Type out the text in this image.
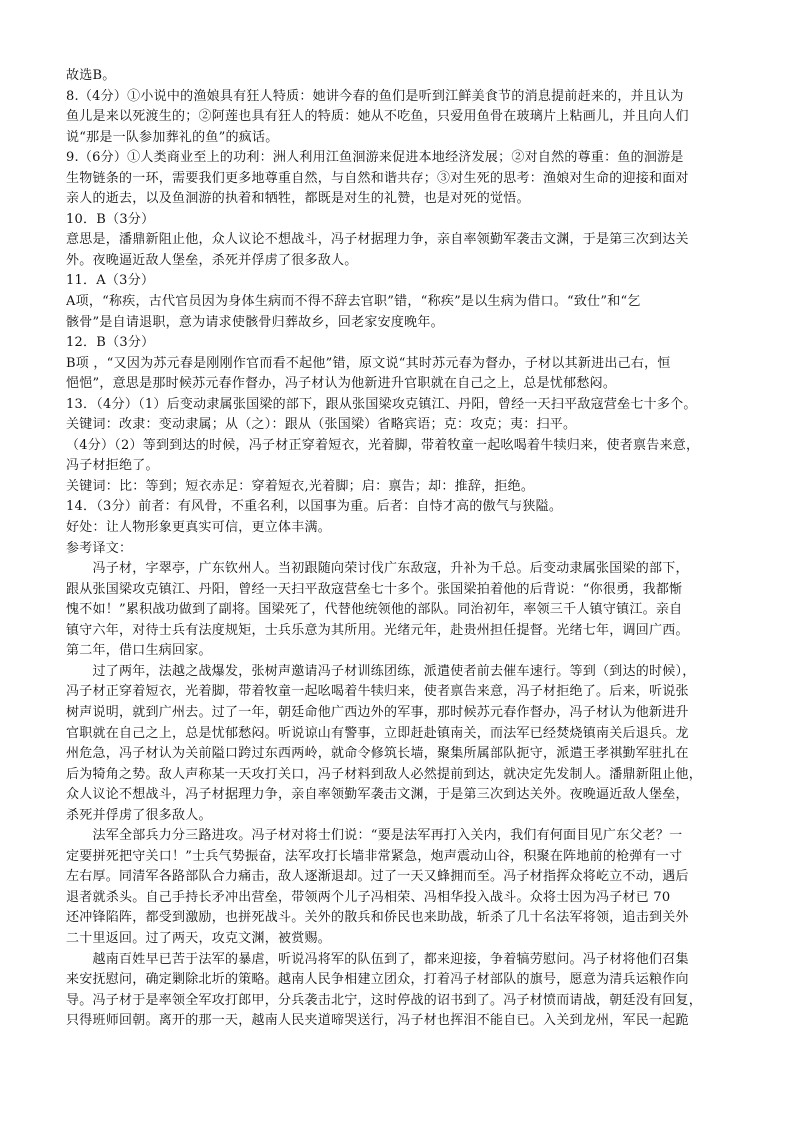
故选B。
8.（4分）①小说中的渔娘具有狂人特质：她讲今春的鱼们是听到江鲜美食节的消息提前赶来的，并且认为
鱼儿是来以死渡生的；②阿莲也具有狂人的特质：她从不吃鱼，只爱用鱼骨在玻璃片上粘画儿，并且向人们
说“那是一队参加葬礼的鱼”的疯话。
9.（6分）①人类商业至上的功利：洲人利用江鱼洄游来促进本地经济发展；②对自然的尊重：鱼的洄游是
生物链条的一环，需要我们更多地尊重自然，与自然和谐共存；③对生死的思考：渔娘对生命的迎接和面对
亲人的逝去，以及鱼洄游的执着和牺牲，都既是对生的礼赞，也是对死的觉悟。
10．B（3分）
意思是，潘鼎新阻止他，众人议论不想战斗，冯子材据理力争，亲自率领勤军袭击文渊，于是第三次到达关
外。夜晚逼近敌人堡垒，杀死并俘虏了很多敌人。
11．A（3分）
A项，“称疾，古代官员因为身体生病而不得不辞去官职”错，“称疾”是以生病为借口。“致仕”和“乞
骸骨”是自请退职，意为请求使骸骨归葬故乡，回老家安度晚年。
12．B（3分）
B项 ，“又因为苏元春是刚刚作官而看不起他”错，原文说“其时苏元春为督办，子材以其新进出己右，恒
悒悒”，意思是那时候苏元春作督办，冯子材认为他新进升官职就在自己之上，总是忧郁愁闷。
13．（4分）（1）后变动隶属张国梁的部下，跟从张国梁攻克镇江、丹阳，曾经一天扫平敌寇营垒七十多个。
关键词：改隶：变动隶属；从（之）：跟从（张国梁）省略宾语；克：攻克；夷：扫平。
（4分）（2）等到到达的时候，冯子材正穿着短衣，光着脚，带着牧童一起吆喝着牛犊归来，使者禀告来意，
冯子材拒绝了。
关键词：比：等到；短衣赤足：穿着短衣,光着脚；启：禀告；却：推辞，拒绝。
14．（3分）前者：有风骨，不重名利，以国事为重。后者：自恃才高的傲气与狭隘。
好处：让人物形象更真实可信，更立体丰满。
参考译文：
　　冯子材，字翠亭，广东钦州人。当初跟随向荣讨伐广东敌寇，升补为千总。后变动隶属张国梁的部下，
跟从张国梁攻克镇江、丹阳，曾经一天扫平敌寇营垒七十多个。张国梁拍着他的后背说：“你很勇，我都惭
愧不如！”累积战功做到了副将。国梁死了，代替他统领他的部队。同治初年，率领三千人镇守镇江。亲自
镇守六年，对待士兵有法度规矩，士兵乐意为其所用。光绪元年，赴贵州担任提督。光绪七年，调回广西。
第二年，借口生病回家。
　　过了两年，法越之战爆发，张树声邀请冯子材训练团练，派遣使者前去催车速行。等到（到达的时候），
冯子材正穿着短衣，光着脚，带着牧童一起吆喝着牛犊归来，使者禀告来意，冯子材拒绝了。后来，听说张
树声说明，就到广州去。过了一年，朝廷命他广西边外的军事，那时候苏元春作督办，冯子材认为他新进升
官职就在自己之上，总是忧郁愁闷。听说谅山有警事，立即赶赴镇南关，而法军已经焚烧镇南关后退兵。龙
州危急，冯子材认为关前隘口跨过东西两岭，就命令修筑长墙，聚集所属部队扼守，派遣王孝祺勤军驻扎在
后为犄角之势。敌人声称某一天攻打关口，冯子材料到敌人必然提前到达，就决定先发制人。潘鼎新阻止他，
众人议论不想战斗，冯子材据理力争，亲自率领勤军袭击文渊，于是第三次到达关外。夜晚逼近敌人堡垒，
杀死并俘虏了很多敌人。
　　法军全部兵力分三路进攻。冯子材对将士们说：“要是法军再打入关内，我们有何面目见广东父老？一
定要拼死把守关口！”士兵气势振奋，法军攻打长墙非常紧急，炮声震动山谷，积聚在阵地前的枪弹有一寸
左右厚。同清军各路部队合力痛击，敌人逐渐退却。过了一天又蜂拥而至。冯子材指挥众将屹立不动，遇后
退者就杀头。自己手持长矛冲出营垒，带领两个儿子冯相荣、冯相华投入战斗。众将士因为冯子材已 70
还冲锋陷阵，都受到激励，也拼死战斗。关外的散兵和侨民也来助战，斩杀了几十名法军将领，追击到关外
二十里返回。过了两天，攻克文渊，被赏赐。
　　越南百姓早已苦于法军的暴虐，听说冯将军的队伍到了，都来迎接，争着犒劳慰问。冯子材将他们召集
来安抚慰问，确定剿除北圻的策略。越南人民争相建立团众，打着冯子材部队的旗号，愿意为清兵运粮作向
导。冯子材于是率领全军攻打郎甲，分兵袭击北宁，这时停战的诏书到了。冯子材愤而请战，朝廷没有回复，
只得班师回朝。离开的那一天，越南人民夹道啼哭送行，冯子材也挥泪不能自已。入关到龙州，军民一起跪
